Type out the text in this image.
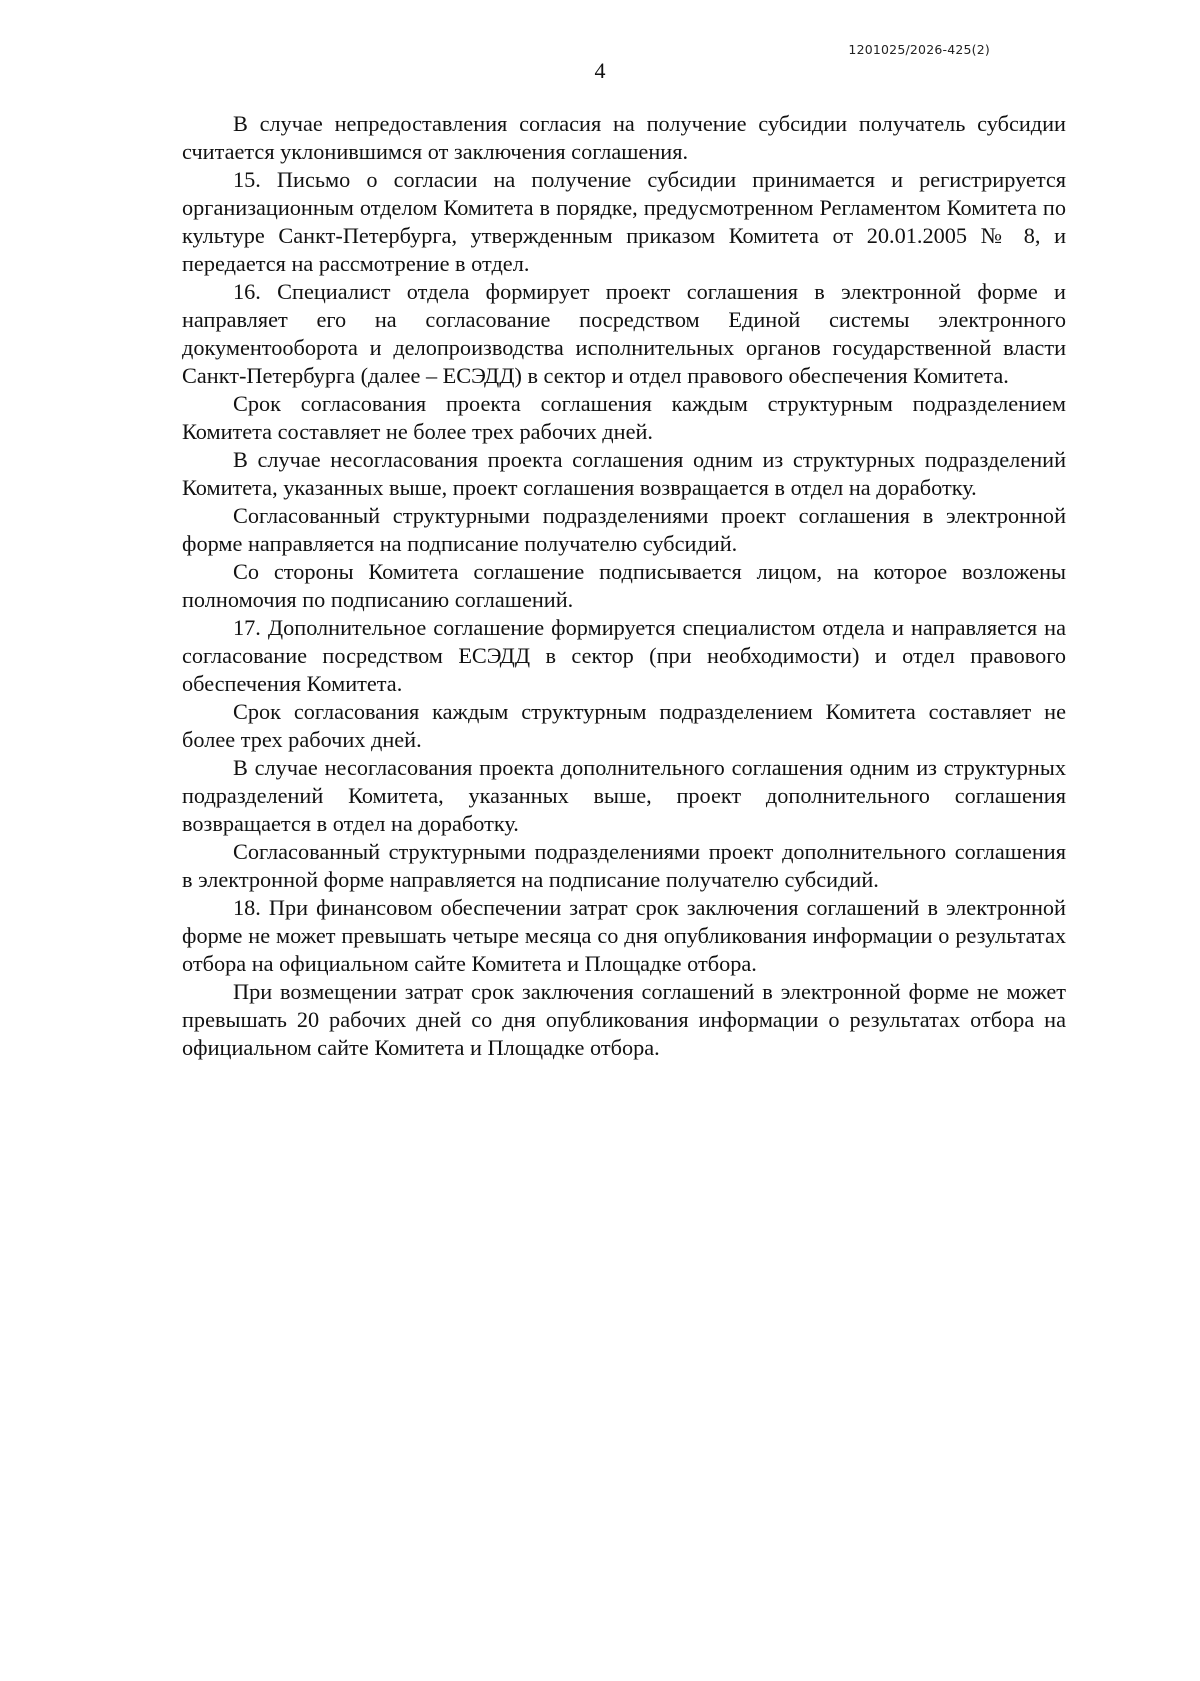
1201025/2026-425(2)
4

В случае непредоставления согласия на получение субсидии получатель субсидии считается уклонившимся от заключения соглашения.

15. Письмо о согласии на получение субсидии принимается и регистрируется организационным отделом Комитета в порядке, предусмотренном Регламентом Комитета по культуре Санкт-Петербурга, утвержденным приказом Комитета от 20.01.2005 № 8, и передается на рассмотрение в отдел.

16. Специалист отдела формирует проект соглашения в электронной форме и направляет его на согласование посредством Единой системы электронного документооборота и делопроизводства исполнительных органов государственной власти Санкт-Петербурга (далее – ЕСЭДД) в сектор и отдел правового обеспечения Комитета.

Срок согласования проекта соглашения каждым структурным подразделением Комитета составляет не более трех рабочих дней.

В случае несогласования проекта соглашения одним из структурных подразделений Комитета, указанных выше, проект соглашения возвращается в отдел на доработку.

Согласованный структурными подразделениями проект соглашения в электронной форме направляется на подписание получателю субсидий.

Со стороны Комитета соглашение подписывается лицом, на которое возложены полномочия по подписанию соглашений.

17. Дополнительное соглашение формируется специалистом отдела и направляется на согласование посредством ЕСЭДД в сектор (при необходимости) и отдел правового обеспечения Комитета.

Срок согласования каждым структурным подразделением Комитета составляет не более трех рабочих дней.

В случае несогласования проекта дополнительного соглашения одним из структурных подразделений Комитета, указанных выше, проект дополнительного соглашения возвращается в отдел на доработку.

Согласованный структурными подразделениями проект дополнительного соглашения в электронной форме направляется на подписание получателю субсидий.

18. При финансовом обеспечении затрат срок заключения соглашений в электронной форме не может превышать четыре месяца со дня опубликования информации о результатах отбора на официальном сайте Комитета и Площадке отбора.

При возмещении затрат срок заключения соглашений в электронной форме не может превышать 20 рабочих дней со дня опубликования информации о результатах отбора на официальном сайте Комитета и Площадке отбора.
